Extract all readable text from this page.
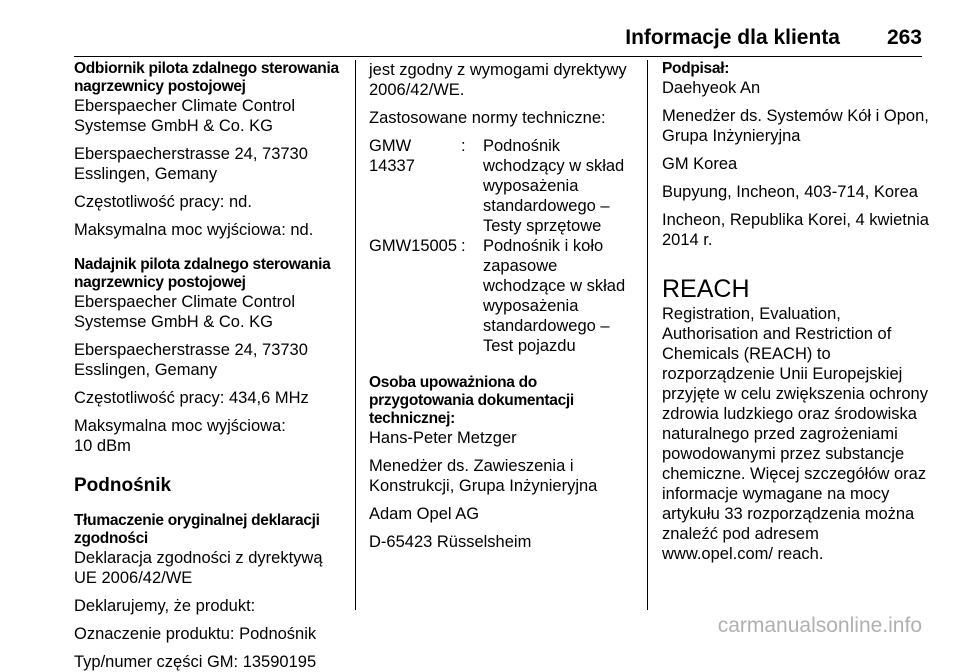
Informacje dla klienta 263
Odbiornik pilota zdalnego sterowania nagrzewnicy postojowej

Eberspaecher Climate Control Systemse GmbH & Co. KG

Eberspaecherstrasse 24, 73730 Esslingen, Gemany

Częstotliwość pracy: nd.

Maksymalna moc wyjściowa: nd.

Nadajnik pilota zdalnego sterowania nagrzewnicy postojowej

Eberspaecher Climate Control Systemse GmbH & Co. KG

Eberspaecherstrasse 24, 73730 Esslingen, Gemany

Częstotliwość pracy: 434,6 MHz

Maksymalna moc wyjściowa:

10 dBm

Podnośnik
Tłumaczenie oryginalnej deklaracji zgodności

Deklaracja zgodności z dyrektywą UE 2006/42/WE

Deklarujemy, że produkt:

Oznaczenie produktu: Podnośnik

Typ/numer części GM: 13590195

jest zgodny z wymogami dyrektywy 2006/42/WE.

Zastosowane normy techniczne:

GMW 14337	:	Podnośnik wchodzący w skład wyposażenia standardowego – Testy sprzętowe
GMW15005	:	Podnośnik i koło zapasowe wchodzące w skład wyposażenia standardowego – Test pojazdu
Osoba upoważniona do przygotowania dokumentacji technicznej:

Hans-Peter Metzger

Menedżer ds. Zawieszenia i Konstrukcji, Grupa Inżynieryjna

Adam Opel AG

D-65423 Rüsselsheim

Podpisał:

Daehyeok An

Menedżer ds. Systemów Kół i Opon, Grupa Inżynieryjna

GM Korea

Bupyung, Incheon, 403-714, Korea

Incheon, Republika Korei, 4 kwietnia 2014 r.

REACH

Registration, Evaluation, Authorisation and Restriction of Chemicals (REACH) to rozporządzenie Unii Europejskiej przyjęte w celu zwiększenia ochrony zdrowia ludzkiego oraz środowiska naturalnego przed zagrożeniami powodowanymi przez substancje chemiczne. Więcej szczegółów oraz informacje wymagane na mocy artykułu 33 rozporządzenia można znaleźć pod adresem www.opel.com/ reach.

carmanualsonline.info
